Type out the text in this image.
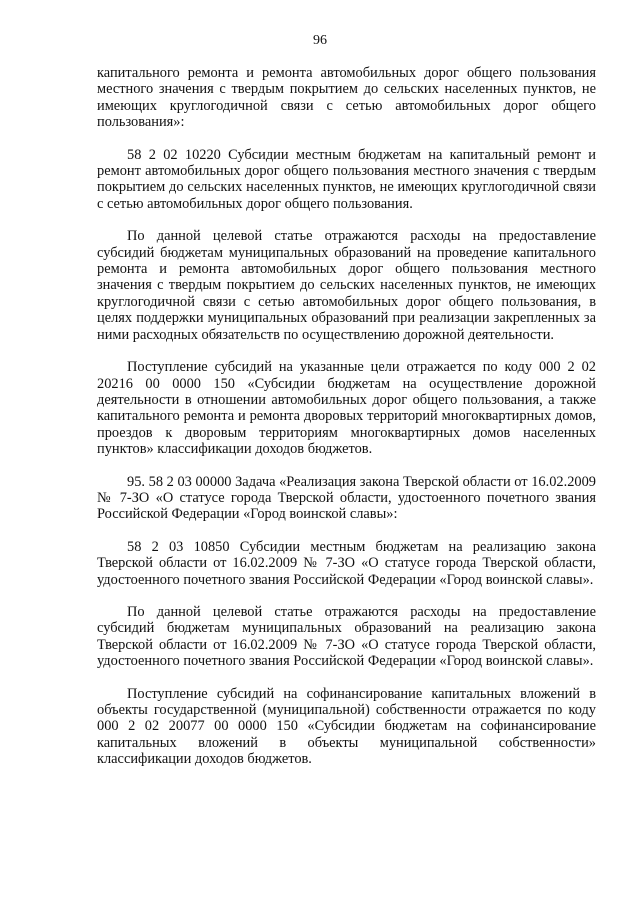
96

капитального ремонта и ремонта автомобильных дорог общего пользования местного значения с твердым покрытием до сельских населенных пунктов, не имеющих круглогодичной связи с сетью автомобильных дорог общего пользования»:

58 2 02 10220 Субсидии местным бюджетам на капитальный ремонт и ремонт автомобильных дорог общего пользования местного значения с твердым покрытием до сельских населенных пунктов, не имеющих круглогодичной связи с сетью автомобильных дорог общего пользования.

По данной целевой статье отражаются расходы на предоставление субсидий бюджетам муниципальных образований на проведение капитального ремонта и ремонта автомобильных дорог общего пользования местного значения с твердым покрытием до сельских населенных пунктов, не имеющих круглогодичной связи с сетью автомобильных дорог общего пользования, в целях поддержки муниципальных образований при реализации закрепленных за ними расходных обязательств по осуществлению дорожной деятельности.

Поступление субсидий на указанные цели отражается по коду 000 2 02 20216 00 0000 150 «Субсидии бюджетам на осуществление дорожной деятельности в отношении автомобильных дорог общего пользования, а также капитального ремонта и ремонта дворовых территорий многоквартирных домов, проездов к дворовым территориям многоквартирных домов населенных пунктов» классификации доходов бюджетов.

95. 58 2 03 00000 Задача «Реализация закона Тверской области от 16.02.2009 № 7-ЗО «О статусе города Тверской области, удостоенного почетного звания Российской Федерации «Город воинской славы»:

58 2 03 10850 Субсидии местным бюджетам на реализацию закона Тверской области от 16.02.2009 № 7-ЗО «О статусе города Тверской области, удостоенного почетного звания Российской Федерации «Город воинской славы».

По данной целевой статье отражаются расходы на предоставление субсидий бюджетам муниципальных образований на реализацию закона Тверской области от 16.02.2009 № 7-ЗО «О статусе города Тверской области, удостоенного почетного звания Российской Федерации «Город воинской славы».

Поступление субсидий на софинансирование капитальных вложений в объекты государственной (муниципальной) собственности отражается по коду 000 2 02 20077 00 0000 150 «Субсидии бюджетам на софинансирование капитальных вложений в объекты муниципальной собственности» классификации доходов бюджетов.
